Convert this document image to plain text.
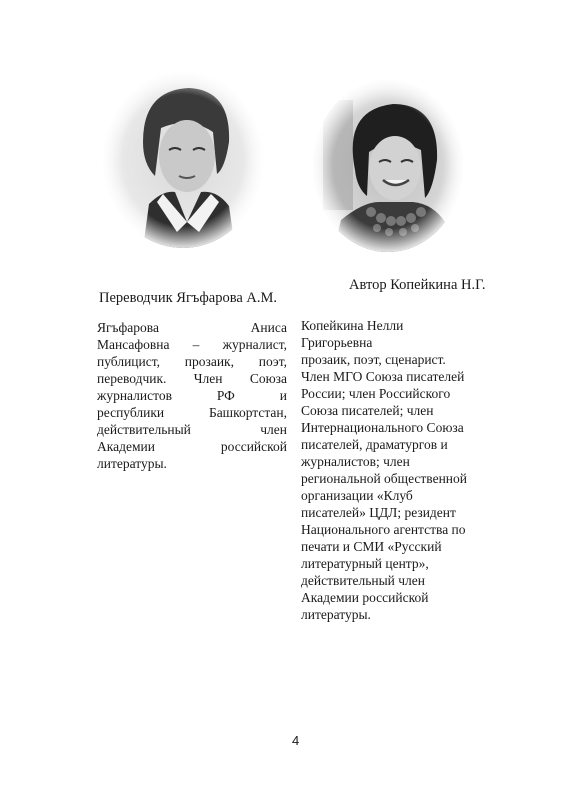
Автор Копейкина Н.Г.
Переводчик Ягъфарова А.М.

Ягъфарова Аниса
Мансафовна – журналист,
публицист, прозаик, поэт,
переводчик. Член Союза
журналистов РФ и
республики Башкортстан,
действительный член
Академии российской
литературы.

Копейкина Нелли
Григорьевна
прозаик, поэт, сценарист.
Член МГО Союза писателей
России; член Российского
Союза писателей; член
Интернационального Союза
писателей, драматургов и
журналистов; член
региональной общественной
организации «Клуб
писателей» ЦДЛ; резидент
Национального агентства по
печати и СМИ «Русский
литературный центр»,
действительный член
Академии российской
литературы.
4
